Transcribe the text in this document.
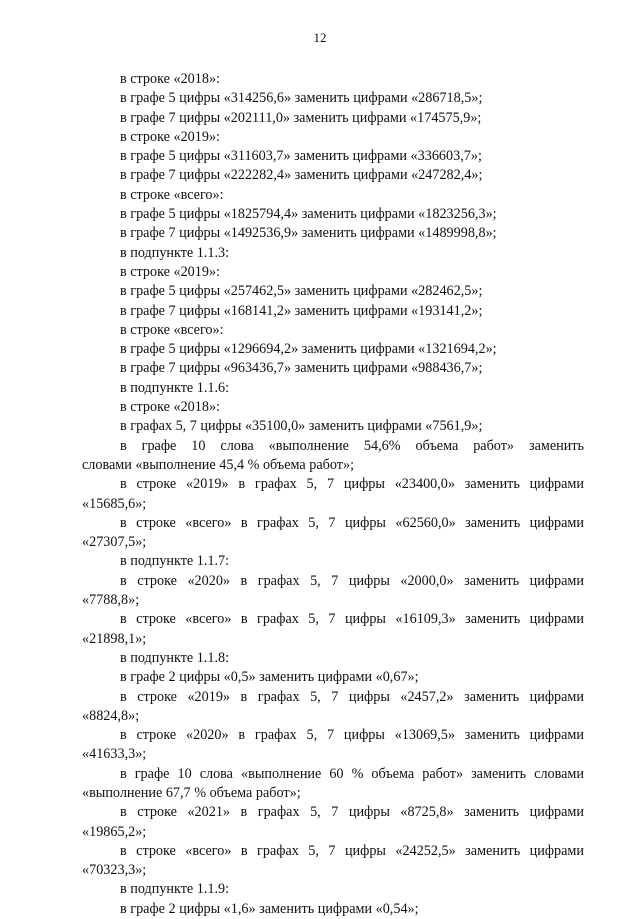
12
в строке «2018»:
в графе 5 цифры «314256,6» заменить цифрами «286718,5»;
в графе 7 цифры «202111,0» заменить цифрами «174575,9»;
в строке «2019»:
в графе 5 цифры «311603,7» заменить цифрами «336603,7»;
в графе 7 цифры «222282,4» заменить цифрами «247282,4»;
в строке «всего»:
в графе 5 цифры «1825794,4» заменить цифрами «1823256,3»;
в графе 7 цифры «1492536,9» заменить цифрами «1489998,8»;
в подпункте 1.1.3:
в строке «2019»:
в графе 5 цифры «257462,5» заменить цифрами «282462,5»;
в графе 7 цифры «168141,2» заменить цифрами «193141,2»;
в строке «всего»:
в графе 5 цифры «1296694,2» заменить цифрами «1321694,2»;
в графе 7 цифры «963436,7» заменить цифрами «988436,7»;
в подпункте 1.1.6:
в строке «2018»:
в графах 5, 7 цифры «35100,0» заменить цифрами «7561,9»;
в графе 10 слова «выполнение 54,6% объема работ» заменить
словами «выполнение 45,4 % объема работ»;
в строке «2019» в графах 5, 7 цифры «23400,0» заменить цифрами
«15685,6»;
в строке «всего» в графах 5, 7 цифры «62560,0» заменить цифрами
«27307,5»;
в подпункте 1.1.7:
в строке «2020» в графах 5, 7 цифры «2000,0» заменить цифрами
«7788,8»;
в строке «всего» в графах 5, 7 цифры «16109,3» заменить цифрами
«21898,1»;
в подпункте 1.1.8:
в графе 2 цифры «0,5» заменить цифрами «0,67»;
в строке «2019» в графах 5, 7 цифры «2457,2» заменить цифрами
«8824,8»;
в строке «2020» в графах 5, 7 цифры «13069,5» заменить цифрами
«41633,3»;
в графе 10 слова «выполнение 60 % объема работ» заменить словами
«выполнение 67,7 % объема работ»;
в строке «2021» в графах 5, 7 цифры «8725,8» заменить цифрами
«19865,2»;
в строке «всего» в графах 5, 7 цифры «24252,5» заменить цифрами
«70323,3»;
в подпункте 1.1.9:
в графе 2 цифры «1,6» заменить цифрами «0,54»;
